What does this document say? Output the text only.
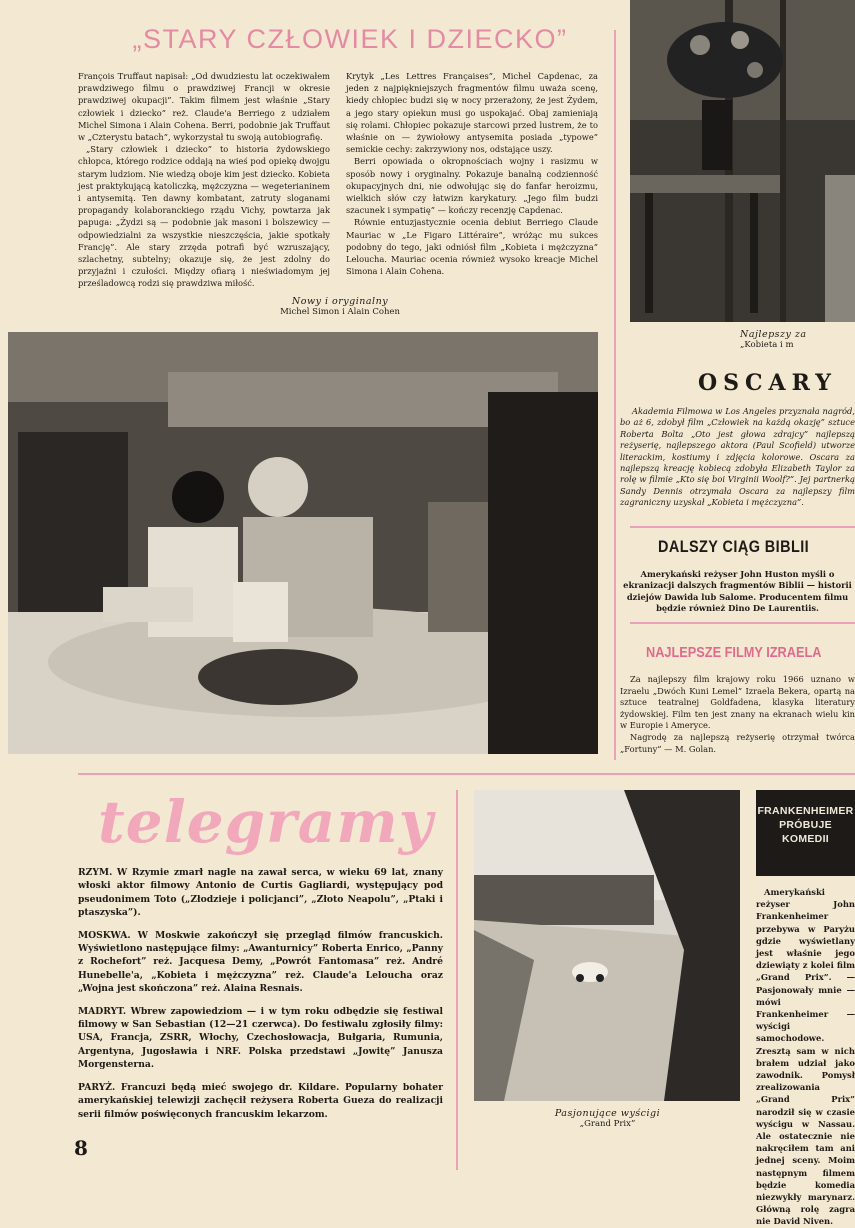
„STARY CZŁOWIEK I DZIECKO”

François Truffaut napisał: „Od dwudziestu lat oczekiwałem prawdziwego filmu o prawdziwej Francji w okresie prawdziwej okupacji”. Takim filmem jest właśnie „Stary człowiek i dziecko” reż. Claude'a Berriego z udziałem Michel Simona i Alain Cohena. Berri, podobnie jak Truffaut w „Czterystu batach”, wykorzystał tu swoją autobiografię.

„Stary człowiek i dziecko” to historia żydowskiego chłopca, którego rodzice oddają na wieś pod opiekę dwojgu starym ludziom. Nie wiedzą oboje kim jest dziecko. Kobieta jest praktykującą katoliczką, mężczyzna — wegeterianinem i antysemitą. Ten dawny kombatant, zatruty sloganami propagandy kolaboranckiego rządu Vichy, powtarza jak papuga: „Żydzi są — podobnie jak masoni i bolszewicy — odpowiedzialni za wszystkie nieszczęścia, jakie spotkały Francję”. Ale stary zrzęda potrafi być wzruszający, szlachetny, subtelny; okazuje się, że jest zdolny do przyjaźni i czułości. Między ofiarą i nieświadomym jej prześladowcą rodzi się prawdziwa miłość.

Krytyk „Les Lettres Françaises”, Michel Capdenac, za jeden z najpiękniejszych fragmentów filmu uważa scenę, kiedy chłopiec budzi się w nocy przerażony, że jest Żydem, a jego stary opiekun musi go uspokajać. Obaj zamieniają się rolami. Chłopiec pokazuje starcowi przed lustrem, że to właśnie on — żywiołowy antysemita posiada „typowe” semickie cechy: zakrzywiony nos, odstające uszy.

Berri opowiada o okropnościach wojny i rasizmu w sposób nowy i oryginalny. Pokazuje banalną codzienność okupacyjnych dni, nie odwołując się do fanfar heroizmu, wielkich słów czy łatwizn karykatury. „Jego film budzi szacunek i sympatię” — kończy recenzję Capdenac.

Równie entuzjastycznie ocenia debiut Berriego Claude Mauriac w „Le Figaro Littéraire”, wróżąc mu sukces podobny do tego, jaki odniósł film „Kobieta i mężczyzna” Leloucha. Mauriac ocenia również wysoko kreacje Michel Simona i Alain Cohena.

Nowy i oryginalny
Michel Simon i Alain Cohen
Najlepszy za
„Kobieta i m
OSCARY
Akademia Filmowa w Los Angeles przyznała nagród, bo aż 6, zdobył film „Człowiek na każdą okazję” sztuce Roberta Bolta „Oto jest głowa zdrajcy” najlepszą reżyserię, najlepszego aktora (Paul Scofield) utworze literackim, kostiumy i zdjęcia kolorowe. Oscara za najlepszą kreację kobiecą zdobyła Elizabeth Taylor za rolę w filmie „Kto się boi Virginii Woolf?”. Jej partnerką Sandy Dennis otrzymała Oscara za najlepszy film zagraniczny uzyskał „Kobieta i mężczyzna”.
DALSZY CIĄG BIBLII
Amerykański reżyser John Huston myśli o ekranizacji dalszych fragmentów Biblii — historii dziejów Dawida lub Salome. Producentem filmu będzie również Dino De Laurentiis.
NAJLEPSZE FILMY IZRAELA

Za najlepszy film krajowy roku 1966 uznano w Izraelu „Dwóch Kuni Lemel” Izraela Bekera, opartą na sztuce teatralnej Goldfadena, klasyka literatury żydowskiej. Film ten jest znany na ekranach wielu kin w Europie i Ameryce.

Nagrodę za najlepszą reżyserię otrzymał twórca „Fortuny” — M. Golan.

telegramy

RZYM. W Rzymie zmarł nagle na zawał serca, w wieku 69 lat, znany włoski aktor filmowy Antonio de Curtis Gagliardi, występujący pod pseudonimem Toto („Złodzieje i policjanci”, „Złoto Neapolu”, „Ptaki i ptaszyska”).

MOSKWA. W Moskwie zakończył się przegląd filmów francuskich. Wyświetlono następujące filmy: „Awanturnicy” Roberta Enrico, „Panny z Rochefort” reż. Jacquesa Demy, „Powrót Fantomasa” reż. André Hunebelle'a, „Kobieta i mężczyzna” reż. Claude'a Lelouchа oraz „Wojna jest skończona” reż. Alaina Resnais.

MADRYT. Wbrew zapowiedziom — i w tym roku odbędzie się festiwal filmowy w San Sebastian (12—21 czerwca). Do festiwalu zgłosiły filmy: USA, Francja, ZSRR, Włochy, Czechosłowacja, Bułgaria, Rumunia, Argentyna, Jugosławia i NRF. Polska przedstawi „Jowitę” Janusza Morgensterna.

PARYŻ. Francuzi będą mieć swojego dr. Kildare. Popularny bohater amerykańskiej telewizji zachęcił reżysera Roberta Gueza do realizacji serii filmów poświęconych francuskim lekarzom.	Pasjonujące wyścigi
„Grand Prix”
FRANKENHEIMER PRÓBUJE KOMEDII
Amerykański reżyser John Frankenheimer przebywa w Paryżu gdzie wyświetlany jest właśnie jego dziewiąty z kolei film „Grand Prix”. — Pasjonowały mnie — mówi Frankenheimer — wyścigi samochodowe. Zresztą sam w nich brałem udział jako zawodnik. Pomysł zrealizowania „Grand Prix” narodził się w czasie wyścigu w Nassau. Ale ostatecznie nie nakręciłem tam ani jednej sceny. Moim następnym filmem będzie komedia niezwykły marynarz. Główną rolę zagra nie David Niven.
8
